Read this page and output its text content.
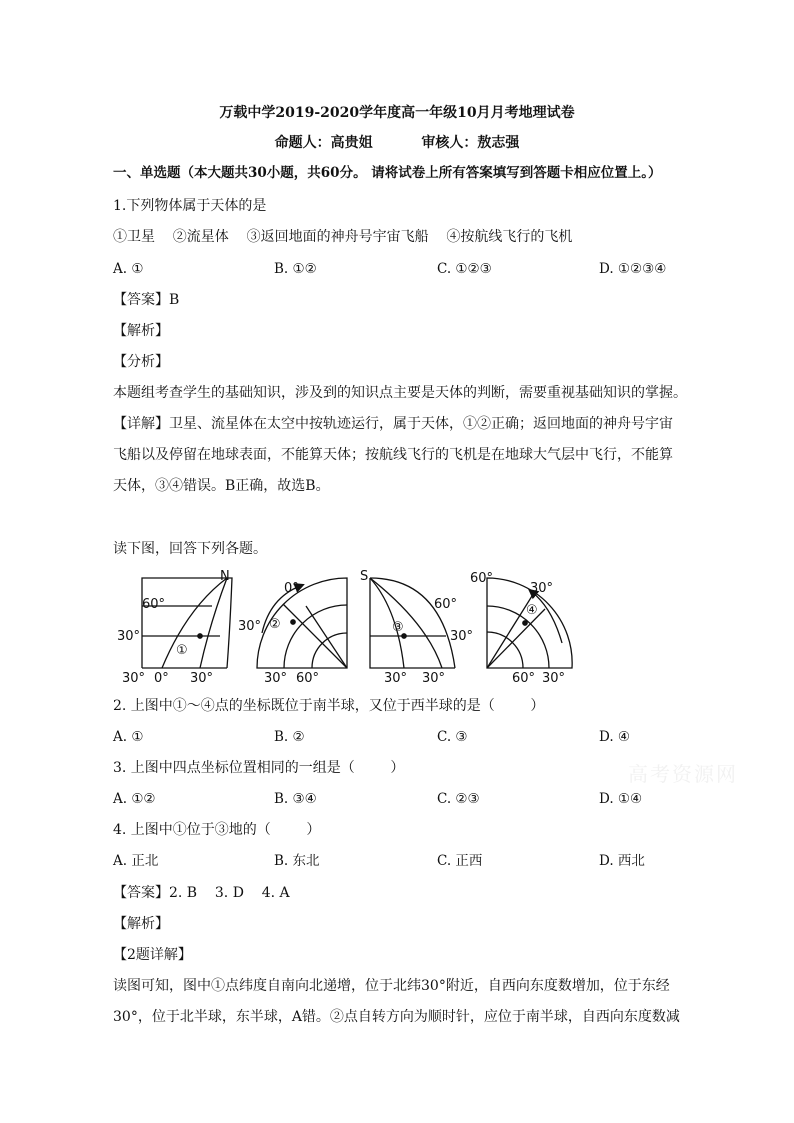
万载中学2019-2020学年度高一年级10月月考地理试卷
命题人：高贵姐          审核人：敖志强
一、单选题（本大题共30小题，共60分。 请将试卷上所有答案填写到答题卡相应位置上。）
1.下列物体属于天体的是
①卫星    ②流星体    ③返回地面的神舟号宇宙飞船    ④按航线飞行的飞机
A. ①	B. ①②	C. ①②③	D. ①②③④
【答案】B
【解析】
【分析】
本题组考查学生的基础知识，涉及到的知识点主要是天体的判断，需要重视基础知识的掌握。
【详解】卫星、流星体在太空中按轨迹运行，属于天体，①②正确；返回地面的神舟号宇宙
飞船以及停留在地球表面，不能算天体；按航线飞行的飞机是在地球大气层中飞行，不能算
天体，③④错误。B正确，故选B。
读下图，回答下列各题。
N
60°
30°
30° 0° 30°
①
0°
30°
30° 60°
②
S
60°
30°
30° 30°
③
60°
30°
60° 30°
④
2. 上图中①～④点的坐标既位于南半球，又位于西半球的是（        ）
A. ①	B. ②	C. ③	D. ④
3. 上图中四点坐标位置相同的一组是（        ）
A. ①②	B. ③④	C. ②③	D. ①④
高考资源网
4. 上图中①位于③地的（        ）
A. 正北	B. 东北	C. 正西	D. 西北
【答案】2. B    3. D    4. A
【解析】
【2题详解】
读图可知，图中①点纬度自南向北递增，位于北纬30°附近，自西向东度数增加，位于东经
30°，位于北半球，东半球，A错。②点自转方向为顺时针，应位于南半球，自西向东度数减
